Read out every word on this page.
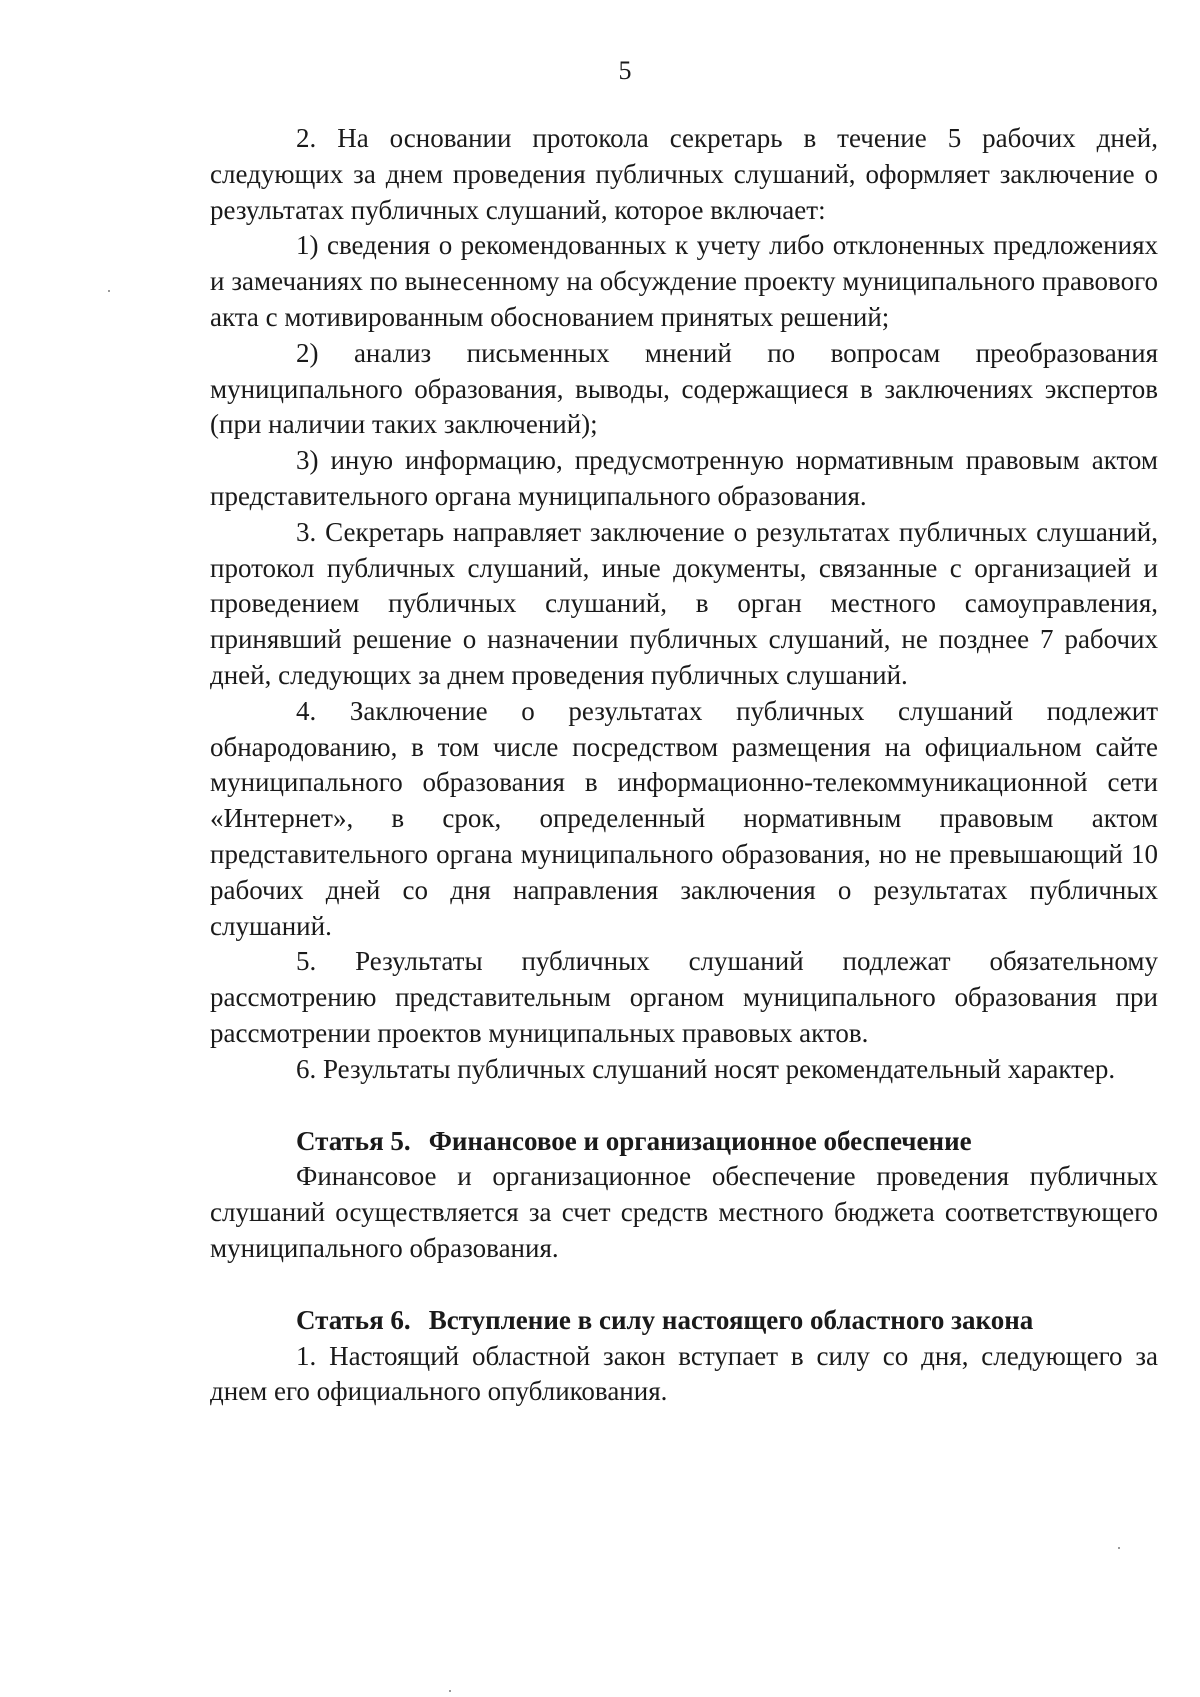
5

2. На основании протокола секретарь в течение 5 рабочих дней, следующих за днем проведения публичных слушаний, оформляет заключение о результатах публичных слушаний, которое включает:

1) сведения о рекомендованных к учету либо отклоненных предложениях и замечаниях по вынесенному на обсуждение проекту муниципального правового акта с мотивированным обоснованием принятых решений;

2) анализ письменных мнений по вопросам преобразования муниципального образования, выводы, содержащиеся в заключениях экспертов (при наличии таких заключений);

3) иную информацию, предусмотренную нормативным правовым актом представительного органа муниципального образования.

3. Секретарь направляет заключение о результатах публичных слушаний, протокол публичных слушаний, иные документы, связанные с организацией и проведением публичных слушаний, в орган местного самоуправления, принявший решение о назначении публичных слушаний, не позднее 7 рабочих дней, следующих за днем проведения публичных слушаний.

4. Заключение о результатах публичных слушаний подлежит обнародованию, в том числе посредством размещения на официальном сайте муниципального образования в информационно-телекоммуникационной сети «Интернет», в срок, определенный нормативным правовым актом представительного органа муниципального образования, но не превышающий 10 рабочих дней со дня направления заключения о результатах публичных слушаний.

5. Результаты публичных слушаний подлежат обязательному рассмотрению представительным органом муниципального образования при рассмотрении проектов муниципальных правовых актов.

6. Результаты публичных слушаний носят рекомендательный характер.

Статья 5. Финансовое и организационное обеспечение

Финансовое и организационное обеспечение проведения публичных слушаний осуществляется за счет средств местного бюджета соответствующего муниципального образования.

Статья 6. Вступление в силу настоящего областного закона

1. Настоящий областной закон вступает в силу со дня, следующего за днем его официального опубликования.
